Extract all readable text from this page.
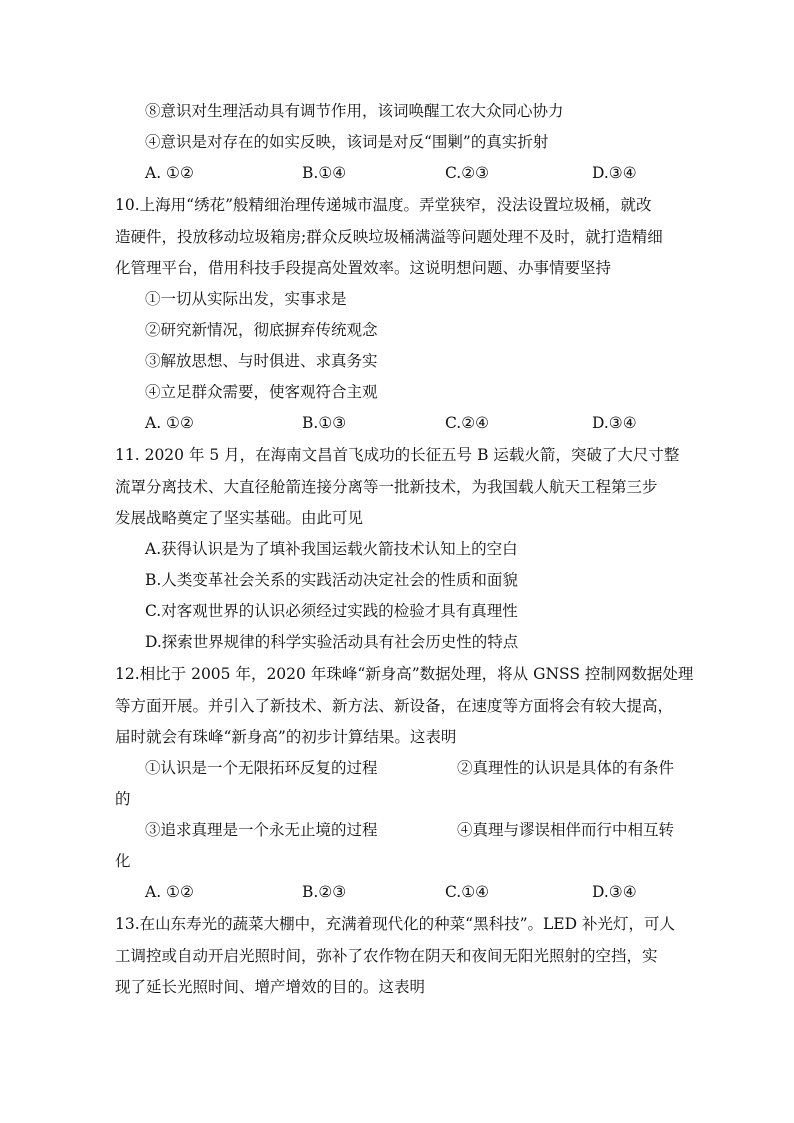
⑧意识对生理活动具有调节作用，该词唤醒工农大众同心协力
④意识是对存在的如实反映，该词是对反“围剿”的真实折射
A. ①②	B.①④	C.②③	D.③④
10.上海用“绣花”般精细治理传递城市温度。弄堂狭窄，没法设置垃圾桶，就改
造硬件，投放移动垃圾箱房;群众反映垃圾桶满溢等问题处理不及时，就打造精细
化管理平台，借用科技手段提高处置效率。这说明想问题、办事情要坚持
①一切从实际出发，实事求是
②研究新情况，彻底摒弃传统观念
③解放思想、与时俱进、求真务实
④立足群众需要，使客观符合主观
A. ①②	B.①③	C.②④	D.③④
11. 2020 年 5 月，在海南文昌首飞成功的长征五号 B 运载火箭，突破了大尺寸整
流罩分离技术、大直径舱箭连接分离等一批新技术，为我国载人航天工程第三步
发展战略奠定了坚实基础。由此可见
A.获得认识是为了填补我国运载火箭技术认知上的空白
B.人类变革社会关系的实践活动决定社会的性质和面貌
C.对客观世界的认识必须经过实践的检验才具有真理性
D.探索世界规律的科学实验活动具有社会历史性的特点
12.相比于 2005 年，2020 年珠峰“新身高”数据处理，将从 GNSS 控制网数据处理
等方面开展。并引入了新技术、新方法、新设备，在速度等方面将会有较大提高，
届时就会有珠峰“新身高”的初步计算结果。这表明
①认识是一个无限拓环反复的过程	②真理性的认识是具体的有条件
的
③追求真理是一个永无止境的过程	④真理与谬误相伴而行中相互转
化
A. ①②	B.②③	C.①④	D.③④
13.在山东寿光的蔬菜大棚中，充满着现代化的种菜“黑科技”。LED 补光灯，可人
工调控或自动开启光照时间，弥补了农作物在阴天和夜间无阳光照射的空挡，实
现了延长光照时间、增产增效的目的。这表明
